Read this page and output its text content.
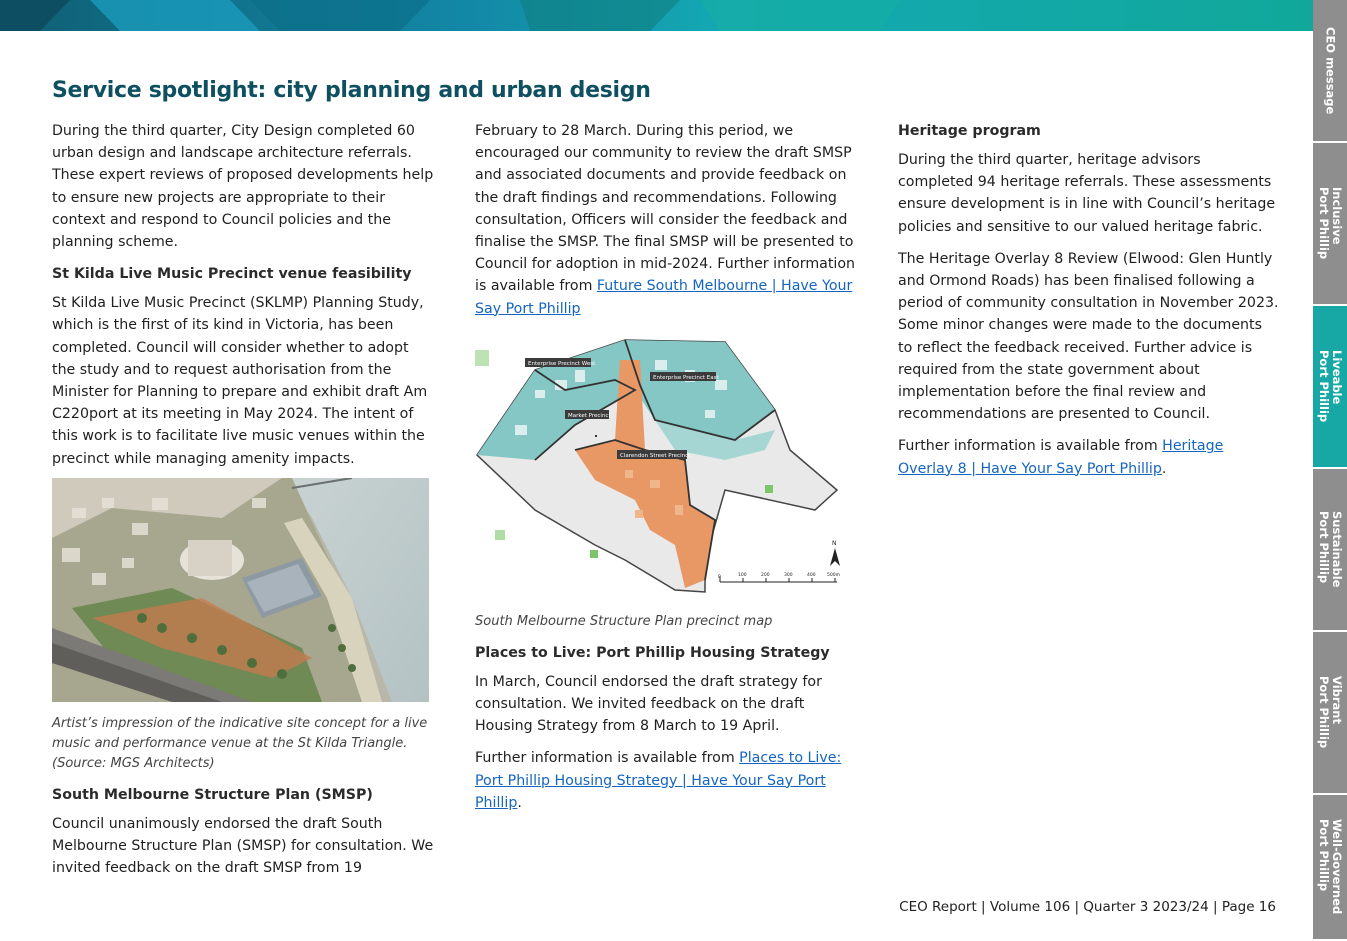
CEO message
Inclusive
Port Phillip
Liveable
Port Phillip
Sustainable
Port Phillip
Vibrant
Port Phillip
Well-Governed
Port Phillip
Service spotlight: city planning and urban design

During the third quarter, City Design completed 60 urban design and landscape architecture referrals. These expert reviews of proposed developments help to ensure new projects are appropriate to their context and respond to Council policies and the planning scheme.

St Kilda Live Music Precinct venue feasibility

St Kilda Live Music Precinct (SKLMP) Planning Study, which is the first of its kind in Victoria, has been completed. Council will consider whether to adopt the study and to request authorisation from the Minister for Planning to prepare and exhibit draft Am C220port at its meeting in May 2024. The intent of this work is to facilitate live music venues within the precinct while managing amenity impacts.

Artist’s impression of the indicative site concept for a live music and performance venue at the St Kilda Triangle. (Source: MGS Architects)

South Melbourne Structure Plan (SMSP)

Council unanimously endorsed the draft South Melbourne Structure Plan (SMSP) for consultation. We invited feedback on the draft SMSP from 19

February to 28 March. During this period, we encouraged our community to review the draft SMSP and associated documents and provide feedback on the draft findings and recommendations. Following consultation, Officers will consider the feedback and finalise the SMSP. The final SMSP will be presented to Council for adoption in mid-2024. Further information is available from Future South Melbourne | Have Your Say Port Phillip

Enterprise Precinct West
Enterprise Precinct East
Market Precinct
Clarendon Street Precinct
N
0	100	200	300	400	500m

South Melbourne Structure Plan precinct map

Places to Live: Port Phillip Housing Strategy

In March, Council endorsed the draft strategy for consultation. We invited feedback on the draft Housing Strategy from 8 March to 19 April.

Further information is available from Places to Live: Port Phillip Housing Strategy | Have Your Say Port Phillip.

Heritage program

During the third quarter, heritage advisors completed 94 heritage referrals. These assessments ensure development is in line with Council’s heritage policies and sensitive to our valued heritage fabric.

The Heritage Overlay 8 Review (Elwood: Glen Huntly and Ormond Roads) has been finalised following a period of community consultation in November 2023. Some minor changes were made to the documents to reflect the feedback received. Further advice is required from the state government about implementation before the final review and recommendations are presented to Council.

Further information is available from Heritage Overlay 8 | Have Your Say Port Phillip.

CEO Report | Volume 106 | Quarter 3 2023/24 | Page 16
